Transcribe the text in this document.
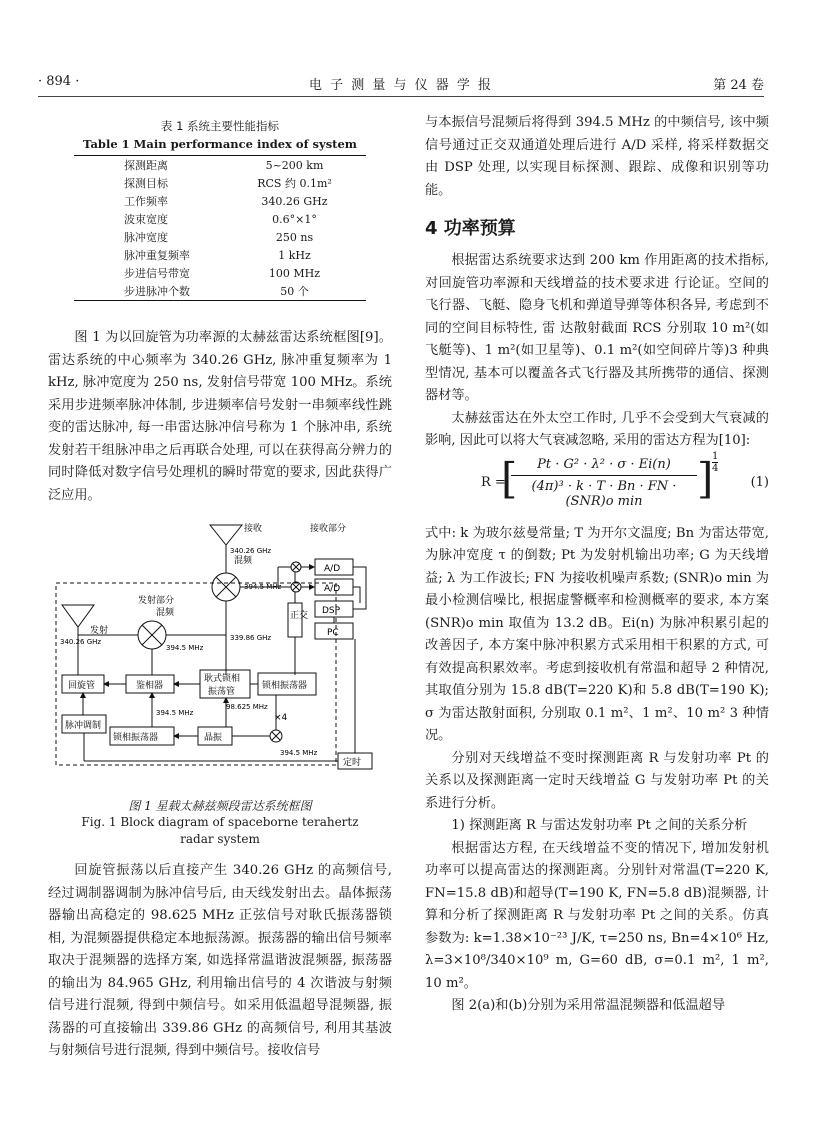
· 894 ·	电 子 测 量 与 仪 器 学 报	第 24 卷
表 1 系统主要性能指标
Table 1 Main performance index of system

探测距离	5~200 km
探测目标	RCS 约 0.1m²
工作频率	340.26 GHz
波束宽度	0.6°×1°
脉冲宽度	250 ns
脉冲重复频率	1 kHz
步进信号带宽	100 MHz
步进脉冲个数	50 个

图 1 为以回旋管为功率源的太赫兹雷达系统框图[9]。雷达系统的中心频率为 340.26 GHz, 脉冲重复频率为 1 kHz, 脉冲宽度为 250 ns, 发射信号带宽 100 MHz。系统采用步进频率脉冲体制, 步进频率信号发射一串频率线性跳变的雷达脉冲, 每一串雷达脉冲信号称为 1 个脉冲串, 系统发射若干组脉冲串之后再联合处理, 可以在获得高分辨力的同时降低对数字信号处理机的瞬时带宽的要求, 因此获得广泛应用。

接收	接收部分
340.26 GHz
混频
394.5 MHz
A/D
A/D
DSP
PC
正交
339.86 GHz
发射部分
混频
发射
340.26 GHz
394.5 MHz
回旋管	鉴相器
耿式锁相
振荡管
锁相振荡器
98.625 MHz
×4
脉冲调制
锁相振荡器
394.5 MHz
晶振
394.5 MHz
定时
图 1 星载太赫兹频段雷达系统框图
Fig. 1 Block diagram of spaceborne terahertz radar system

回旋管振荡以后直接产生 340.26 GHz 的高频信号, 经过调制器调制为脉冲信号后, 由天线发射出去。晶体振荡器输出高稳定的 98.625 MHz 正弦信号对耿氏振荡器锁相, 为混频器提供稳定本地振荡源。振荡器的输出信号频率取决于混频器的选择方案, 如选择常温谐波混频器, 振荡器的输出为 84.965 GHz, 利用输出信号的 4 次谐波与射频信号进行混频, 得到中频信号。如采用低温超导混频器, 振荡器的可直接输出 339.86 GHz 的高频信号, 利用其基波与射频信号进行混频, 得到中频信号。接收信号

与本振信号混频后将得到 394.5 MHz 的中频信号, 该中频信号通过正交双通道处理后进行 A/D 采样, 将采样数据交由 DSP 处理, 以实现目标探测、跟踪、成像和识别等功能。

4 功率预算

根据雷达系统要求达到 200 km 作用距离的技术指标, 对回旋管功率源和天线增益的技术要求进 行论证。空间的飞行器、飞艇、隐身飞机和弹道导弹等体积各异, 考虑到不同的空间目标特性, 雷 达散射截面 RCS 分别取 10 m²(如飞艇等)、1 m²(如卫星等)、0.1 m²(如空间碎片等)3 种典型情况, 基本可以覆盖各式飞行器及其所携带的通信、探测器材等。

太赫兹雷达在外太空工作时, 几乎不会受到大气衰减的影响, 因此可以将大气衰减忽略, 采用的雷达方程为[10]:

R =
[	Pt · G² · λ² · σ · Ei(n)
(4π)³ · k · T · Bn · FN · (SNR)o min	]
$\frac{1}{4}$
(1)

式中: k 为玻尔兹曼常量; T 为开尔文温度; Bn 为雷达带宽, 为脉冲宽度 τ 的倒数; Pt 为发射机输出功率; G 为天线增益; λ 为工作波长; FN 为接收机噪声系数; (SNR)o min 为最小检测信噪比, 根据虚警概率和检测概率的要求, 本方案(SNR)o min 取值为 13.2 dB。Ei(n) 为脉冲积累引起的改善因子, 本方案中脉冲积累方式采用相干积累的方式, 可有效提高积累效率。考虑到接收机有常温和超导 2 种情况, 其取值分别为 15.8 dB(T=220 K)和 5.8 dB(T=190 K); σ 为雷达散射面积, 分别取 0.1 m²、1 m²、10 m² 3 种情况。

分别对天线增益不变时探测距离 R 与发射功率 Pt 的关系以及探测距离一定时天线增益 G 与发射功率 Pt 的关系进行分析。

1) 探测距离 R 与雷达发射功率 Pt 之间的关系分析

根据雷达方程, 在天线增益不变的情况下, 增加发射机功率可以提高雷达的探测距离。分别针对常温(T=220 K, FN=15.8 dB)和超导(T=190 K, FN=5.8 dB)混频器, 计算和分析了探测距离 R 与发射功率 Pt 之间的关系。仿真参数为: k=1.38×10⁻²³ J/K, τ=250 ns, Bn=4×10⁶ Hz, λ=3×10⁸/340×10⁹ m, G=60 dB, σ=0.1 m², 1 m², 10 m²。

图 2(a)和(b)分别为采用常温混频器和低温超导
